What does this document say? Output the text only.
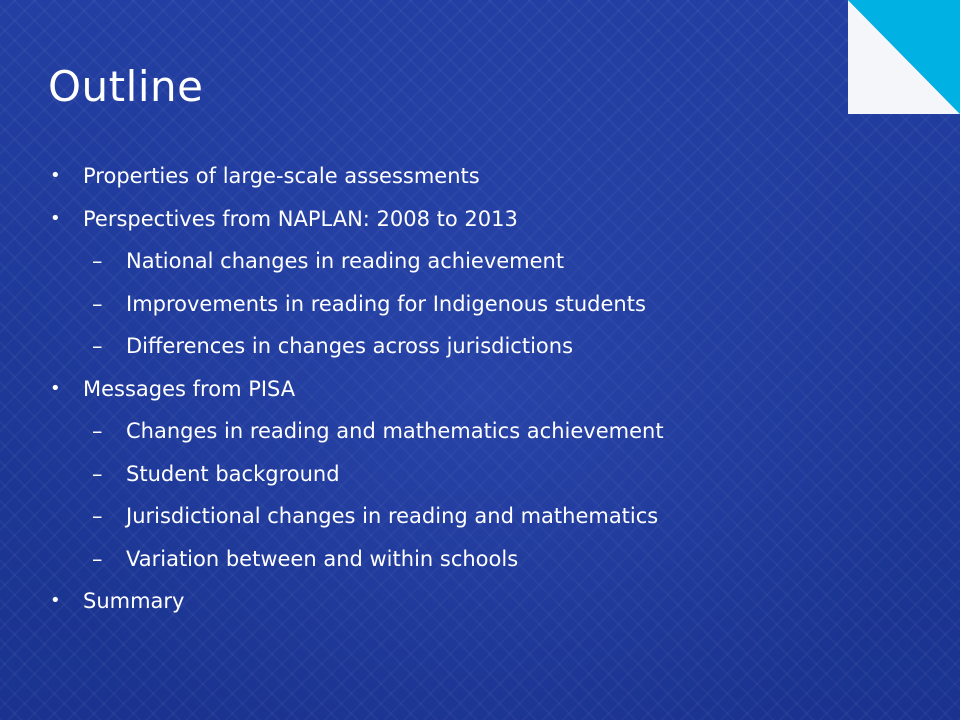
Outline
• Properties of large-scale assessments
• Perspectives from NAPLAN: 2008 to 2013
– National changes in reading achievement
– Improvements in reading for Indigenous students
– Differences in changes across jurisdictions
• Messages from PISA
– Changes in reading and mathematics achievement
– Student background
– Jurisdictional changes in reading and mathematics
– Variation between and within schools
• Summary
